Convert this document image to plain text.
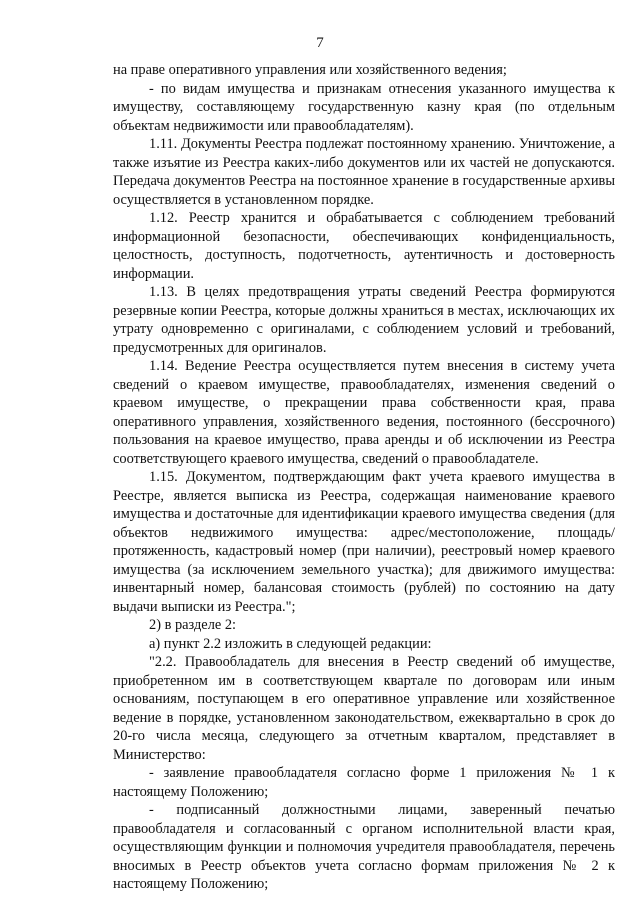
7

на праве оперативного управления или хозяйственного ведения;

- по видам имущества и признакам отнесения указанного имущества к имуществу, составляющему государственную казну края (по отдельным объектам недвижимости или правообладателям).

1.11. Документы Реестра подлежат постоянному хранению. Уничтожение, а также изъятие из Реестра каких-либо документов или их частей не допускаются. Передача документов Реестра на постоянное хранение в государственные архивы осуществляется в установленном порядке.

1.12. Реестр хранится и обрабатывается с соблюдением требований информационной безопасности, обеспечивающих конфиденциальность, целостность, доступность, подотчетность, аутентичность и достоверность информации.

1.13. В целях предотвращения утраты сведений Реестра формируются резервные копии Реестра, которые должны храниться в местах, исключающих их утрату одновременно с оригиналами, с соблюдением условий и требований, предусмотренных для оригиналов.

1.14. Ведение Реестра осуществляется путем внесения в систему учета сведений о краевом имуществе, правообладателях, изменения сведений о краевом имуществе, о прекращении права собственности края, права оперативного управления, хозяйственного ведения, постоянного (бессрочного) пользования на краевое имущество, права аренды и об исключении из Реестра соответствующего краевого имущества, сведений о правообладателе.

1.15. Документом, подтверждающим факт учета краевого имущества в Реестре, является выписка из Реестра, содержащая наименование краевого имущества и достаточные для идентификации краевого имущества сведения (для объектов недвижимого имущества: адрес/местоположение, площадь/протяженность, кадастровый номер (при наличии), реестровый номер краевого имущества (за исключением земельного участка); для движимого имущества: инвентарный номер, балансовая стоимость (рублей) по состоянию на дату выдачи выписки из Реестра.";

2) в разделе 2:

а) пункт 2.2 изложить в следующей редакции:

"2.2. Правообладатель для внесения в Реестр сведений об имуществе, приобретенном им в соответствующем квартале по договорам или иным основаниям, поступающем в его оперативное управление или хозяйственное ведение в порядке, установленном законодательством, ежеквартально в срок до 20-го числа месяца, следующего за отчетным кварталом, представляет в Министерство:

- заявление правообладателя согласно форме 1 приложения № 1 к настоящему Положению;

- подписанный должностными лицами, заверенный печатью правообладателя и согласованный с органом исполнительной власти края, осуществляющим функции и полномочия учредителя правообладателя, перечень вносимых в Реестр объектов учета согласно формам приложения № 2 к настоящему Положению;
